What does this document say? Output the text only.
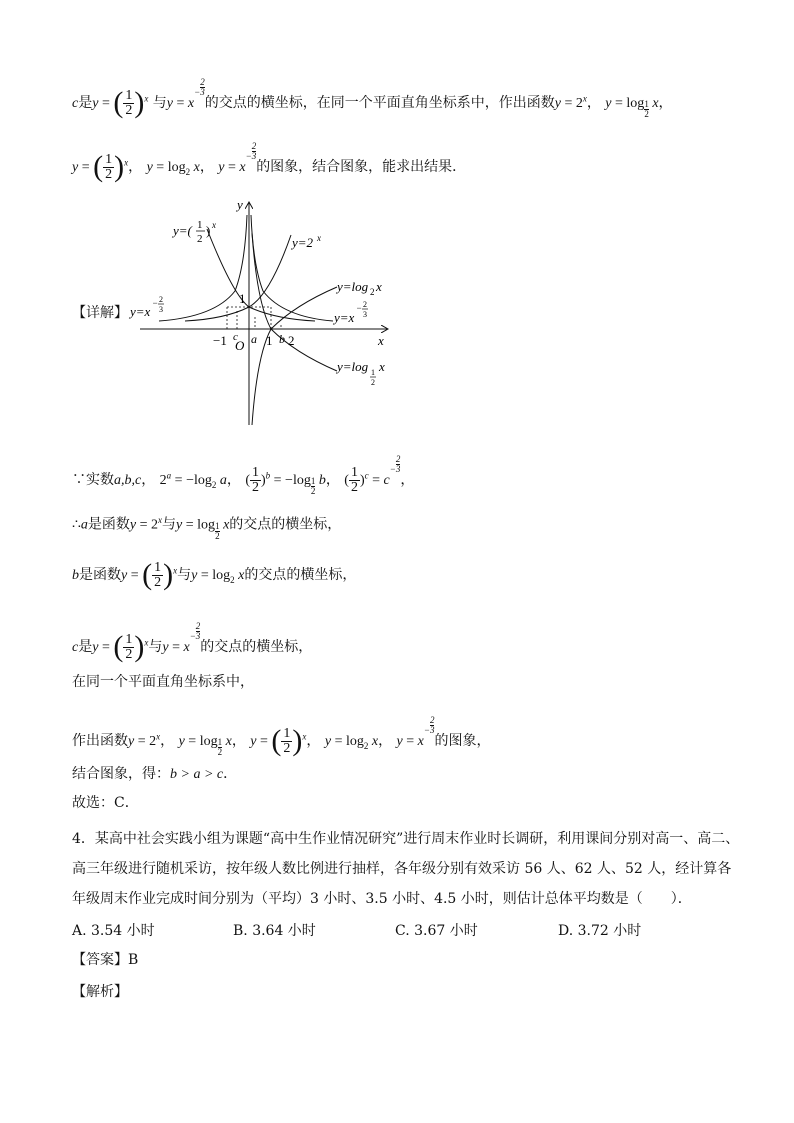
c是y = ( $\frac{1}{2} )^x$ 与$y = x- \frac{2}{3}$的交点的横坐标，在同一个平面直角坐标系中，作出函数$y = 2^x$， $y = \log \frac{1}{2}$ x，
y = ( $\frac{1}{2} )^x$， $y = \log_2 x$， $y = x- \frac{2}{3}$的图象，结合图象，能求出结果．
【详解】
y=( 1
2
) x
y=2 x
y=log 2 x
y=x
− 2
3
y=x
− 2
3
y=log 1
2
x
−1 O 1 2
1
c a b	x
y
∵实数a,b,c， $2^a = -\log_2$ a， ( $\frac{1}{2} )^b = -\log \frac{1}{2}$ b， ( $\frac{1}{2} )^c = c- \frac{2}{3}$，
∴a是函数$y = 2^x$与$y = \log \frac{1}{2}$ x的交点的横坐标，
b是函数y = ( $\frac{1}{2} )^x$与$y = \log_2 x$的交点的横坐标，
c是y = ( $\frac{1}{2} )^x$与$y = x- \frac{2}{3}$的交点的横坐标，
在同一个平面直角坐标系中，
作出函数$y = 2^x$， $y = \log \frac{1}{2}$ x， y = ( $\frac{1}{2} )^x$， $y = \log_2 x$， $y = x- \frac{2}{3}$的图象，
结合图象，得：b > a > c．
故选：C．
4．某高中社会实践小组为课题“高中生作业情况研究”进行周末作业时长调研，利用课间分别对高一、高二、
高三年级进行随机采访，按年级人数比例进行抽样，各年级分别有效采访 56 人、62 人、52 人，经计算各
年级周末作业完成时间分别为（平均）3 小时、3.5 小时、4.5 小时，则估计总体平均数是（　　）．
A. 3.54 小时	B. 3.64 小时	C. 3.67 小时	D. 3.72 小时
【答案】B
【解析】
